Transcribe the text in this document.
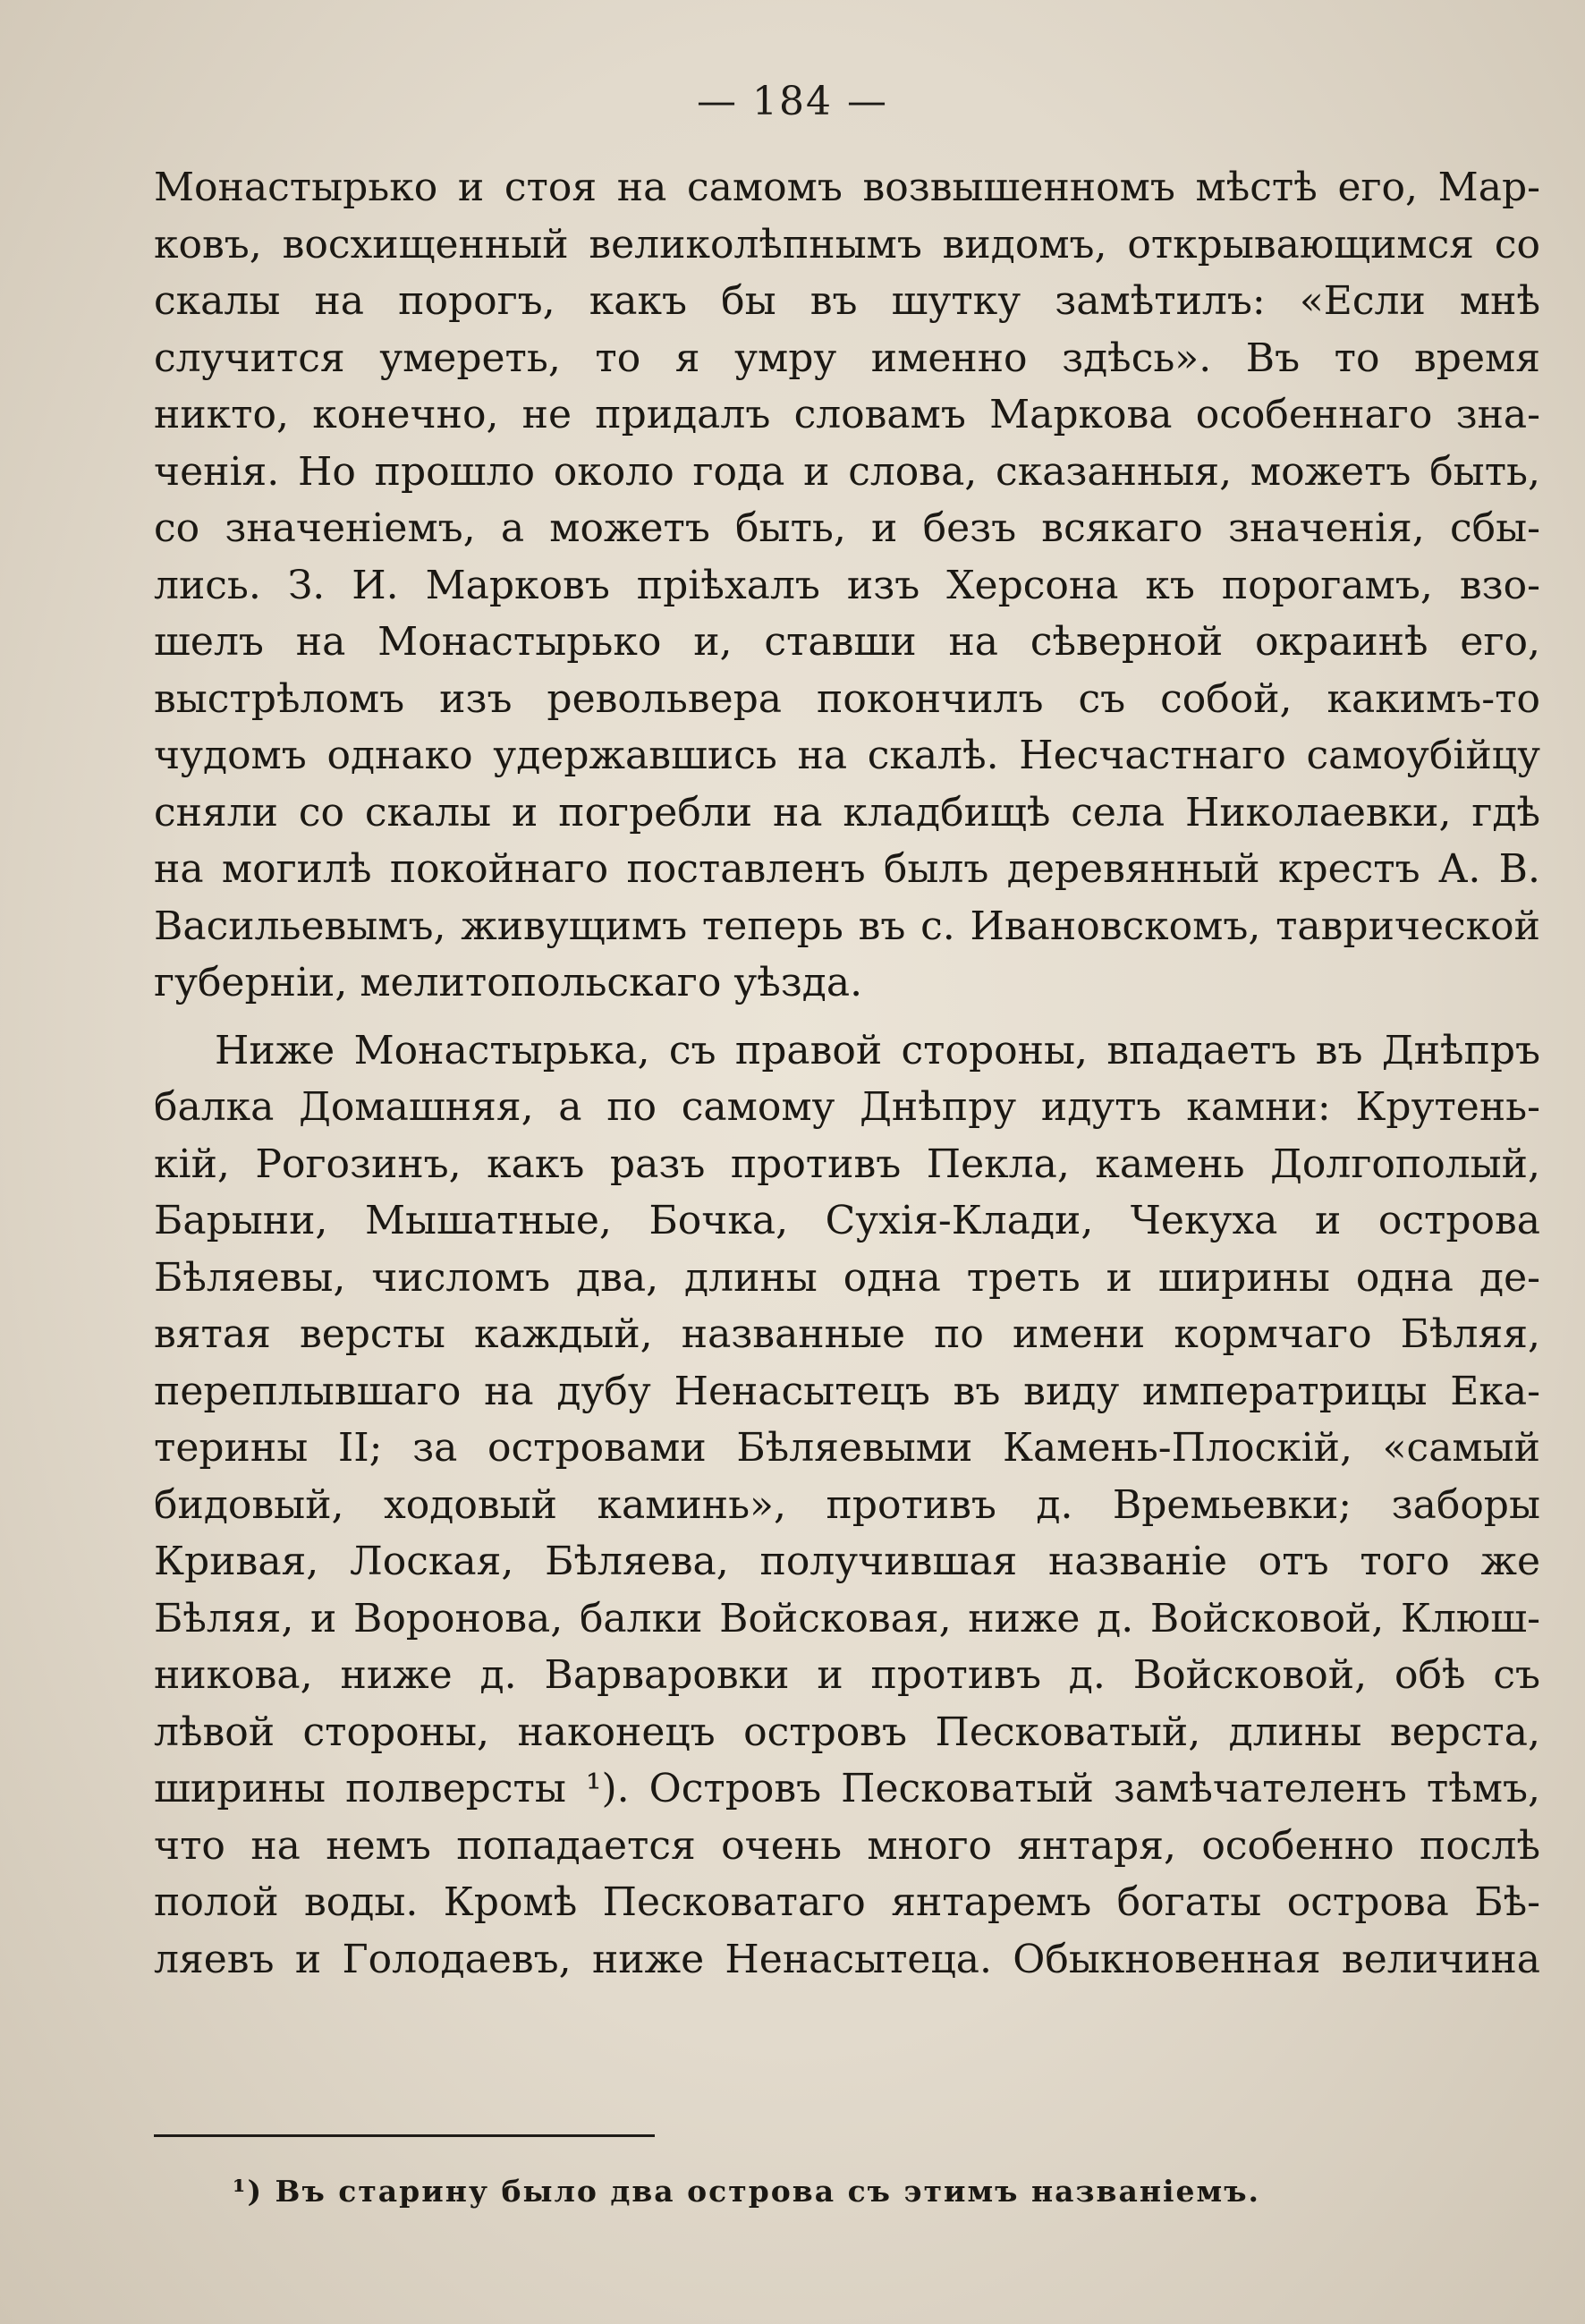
— 184 —
Монастырько и стоя на самомъ возвышенномъ мѣстѣ его, Мар-
ковъ, восхищенный великолѣпнымъ видомъ, открывающимся со
скалы на порогъ, какъ бы въ шутку замѣтилъ: «Если мнѣ
случится умереть, то я умру именно здѣсь». Въ то время
никто, конечно, не придалъ словамъ Маркова особеннаго зна-
ченія. Но прошло около года и слова, сказанныя, можетъ быть,
со значеніемъ, а можетъ быть, и безъ всякаго значенія, сбы-
лись. З. И. Марковъ пріѣхалъ изъ Херсона къ порогамъ, взо-
шелъ на Монастырько и, ставши на сѣверной окраинѣ его,
выстрѣломъ изъ револьвера покончилъ съ собой, какимъ-то
чудомъ однако удержавшись на скалѣ. Несчастнаго самоубійцу
сняли со скалы и погребли на кладбищѣ села Николаевки, гдѣ
на могилѣ покойнаго поставленъ былъ деревянный крестъ А. В.
Васильевымъ, живущимъ теперь въ с. Ивановскомъ, таврической
губерніи, мелитопольскаго уѣзда.
Ниже Монастырька, съ правой стороны, впадаетъ въ Днѣпръ
балка Домашняя, а по самому Днѣпру идутъ камни: Крутень-
кій, Рогозинъ, какъ разъ противъ Пекла, камень Долгополый,
Барыни, Мышатные, Бочка, Сухія-Клади, Чекуха и острова
Бѣляевы, числомъ два, длины одна треть и ширины одна де-
вятая версты каждый, названные по имени кормчаго Бѣляя,
переплывшаго на дубу Ненасытецъ въ виду императрицы Ека-
терины II; за островами Бѣляевыми Камень-Плоскій, «самый
бидовый, ходовый каминь», противъ д. Времьевки; заборы
Кривая, Лоская, Бѣляева, получившая названіе отъ того же
Бѣляя, и Воронова, балки Войсковая, ниже д. Войсковой, Клюш-
никова, ниже д. Варваровки и противъ д. Войсковой, обѣ съ
лѣвой стороны, наконецъ островъ Песковатый, длины верста,
ширины полверсты ¹). Островъ Песковатый замѣчателенъ тѣмъ,
что на немъ попадается очень много янтаря, особенно послѣ
полой воды. Кромѣ Песковатаго янтаремъ богаты острова Бѣ-
ляевъ и Голодаевъ, ниже Ненасытеца. Обыкновенная величина
¹) Въ старину было два острова съ этимъ названіемъ.
